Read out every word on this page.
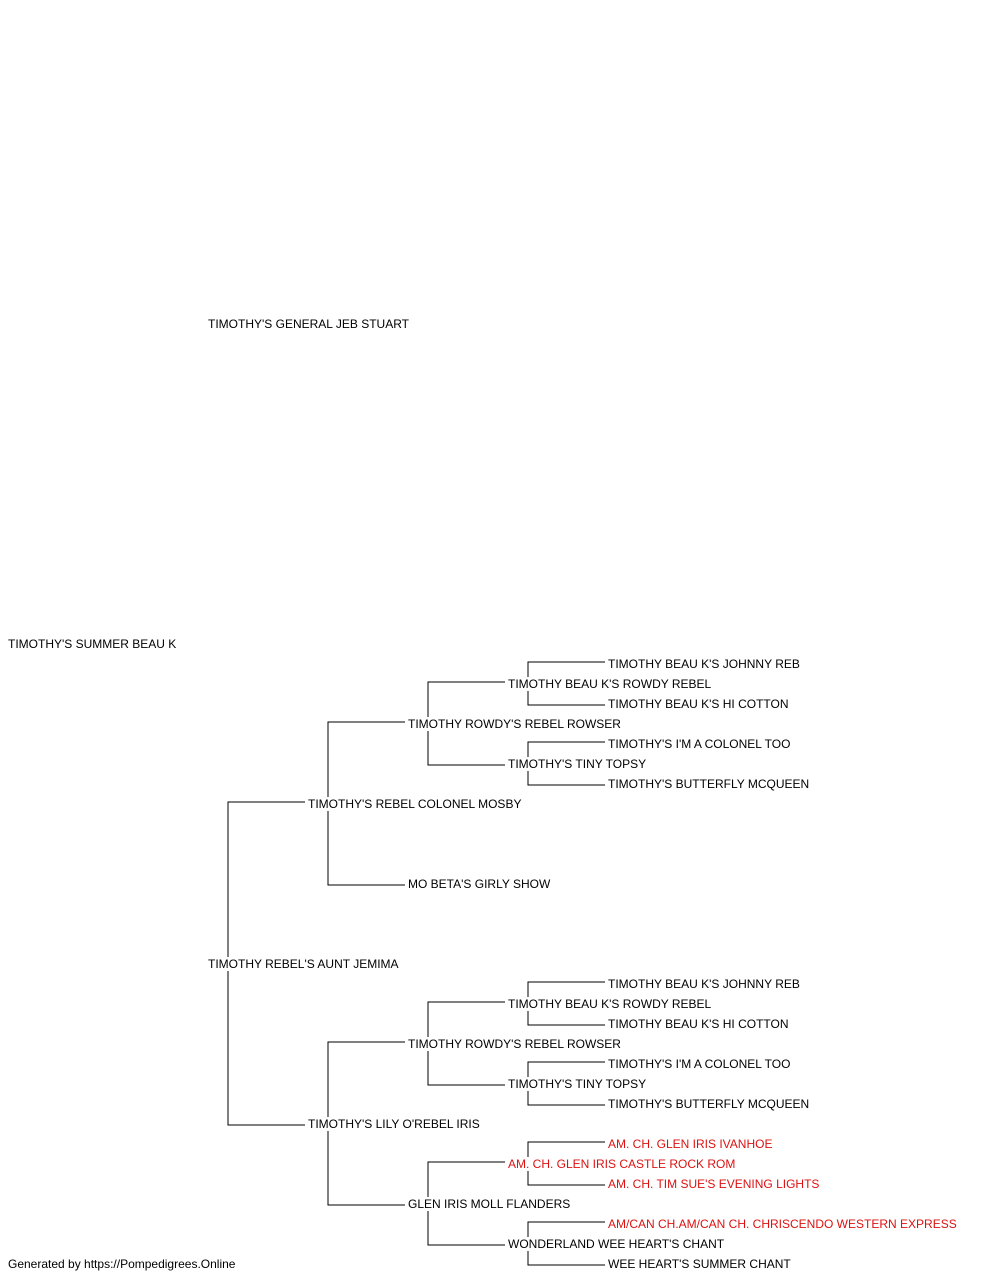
TIMOTHY'S SUMMER BEAU K
TIMOTHY'S GENERAL JEB STUART
TIMOTHY REBEL'S AUNT JEMIMA
TIMOTHY'S REBEL COLONEL MOSBY
TIMOTHY'S LILY O'REBEL IRIS
TIMOTHY ROWDY'S REBEL ROWSER
MO BETA'S GIRLY SHOW
TIMOTHY ROWDY'S REBEL ROWSER
GLEN IRIS MOLL FLANDERS
TIMOTHY BEAU K'S ROWDY REBEL
TIMOTHY'S TINY TOPSY
TIMOTHY BEAU K'S ROWDY REBEL
TIMOTHY'S TINY TOPSY
AM. CH. GLEN IRIS CASTLE ROCK ROM
WONDERLAND WEE HEART'S CHANT
TIMOTHY BEAU K'S JOHNNY REB
TIMOTHY BEAU K'S HI COTTON
TIMOTHY'S I'M A COLONEL TOO
TIMOTHY'S BUTTERFLY MCQUEEN
TIMOTHY BEAU K'S JOHNNY REB
TIMOTHY BEAU K'S HI COTTON
TIMOTHY'S I'M A COLONEL TOO
TIMOTHY'S BUTTERFLY MCQUEEN
AM. CH. GLEN IRIS IVANHOE
AM. CH. TIM SUE'S EVENING LIGHTS
AM/CAN CH.AM/CAN CH. CHRISCENDO WESTERN EXPRESS
WEE HEART'S SUMMER CHANT
Generated by https://Pompedigrees.Online
